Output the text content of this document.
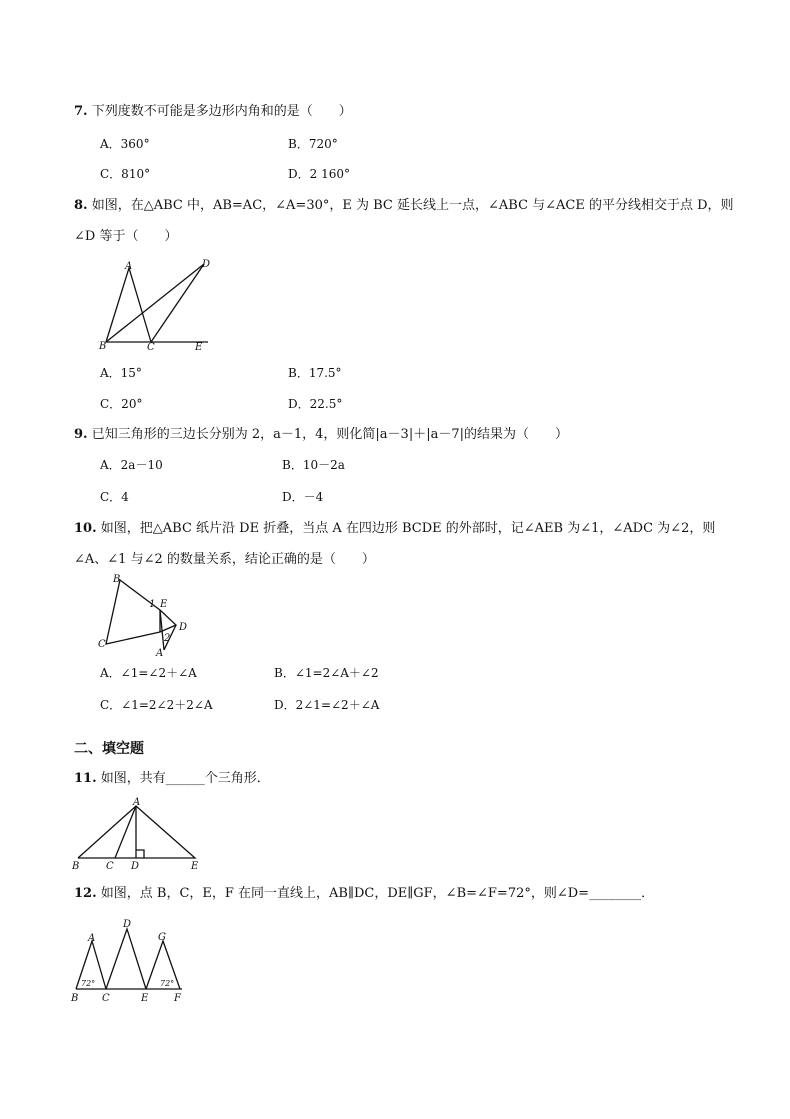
7. 下列度数不可能是多边形内角和的是（　　）
A．360°	B．720°
C．810°	D．2 160°
8. 如图，在△ABC 中，AB=AC，∠A=30°，E 为 BC 延长线上一点，∠ABC 与∠ACE 的平分线相交于点 D，则
∠D 等于（　　）
A
B	C
D
E
A．15°	B．17.5°
C．20°	D．22.5°
9. 已知三角形的三边长分别为 2，a－1，4，则化简|a－3|＋|a－7|的结果为（　　）
A．2a－10	B．10－2a
C．4	D．－4
10. 如图，把△ABC 纸片沿 DE 折叠，当点 A 在四边形 BCDE 的外部时，记∠AEB 为∠1，∠ADC 为∠2，则
∠A、∠1 与∠2 的数量关系，结论正确的是（　　）
B
C
E
D
A
1
2
A．∠1=∠2＋∠A	B．∠1=2∠A＋∠2
C．∠1=2∠2＋2∠A	D．2∠1=∠2＋∠A
二、填空题
11. 如图，共有______个三角形．
A
B	C D	E
12. 如图，点 B，C，E，F 在同一直线上，AB∥DC，DE∥GF，∠B=∠F=72°，则∠D=________．
A
D
G
B C	E	F
72°	72°
